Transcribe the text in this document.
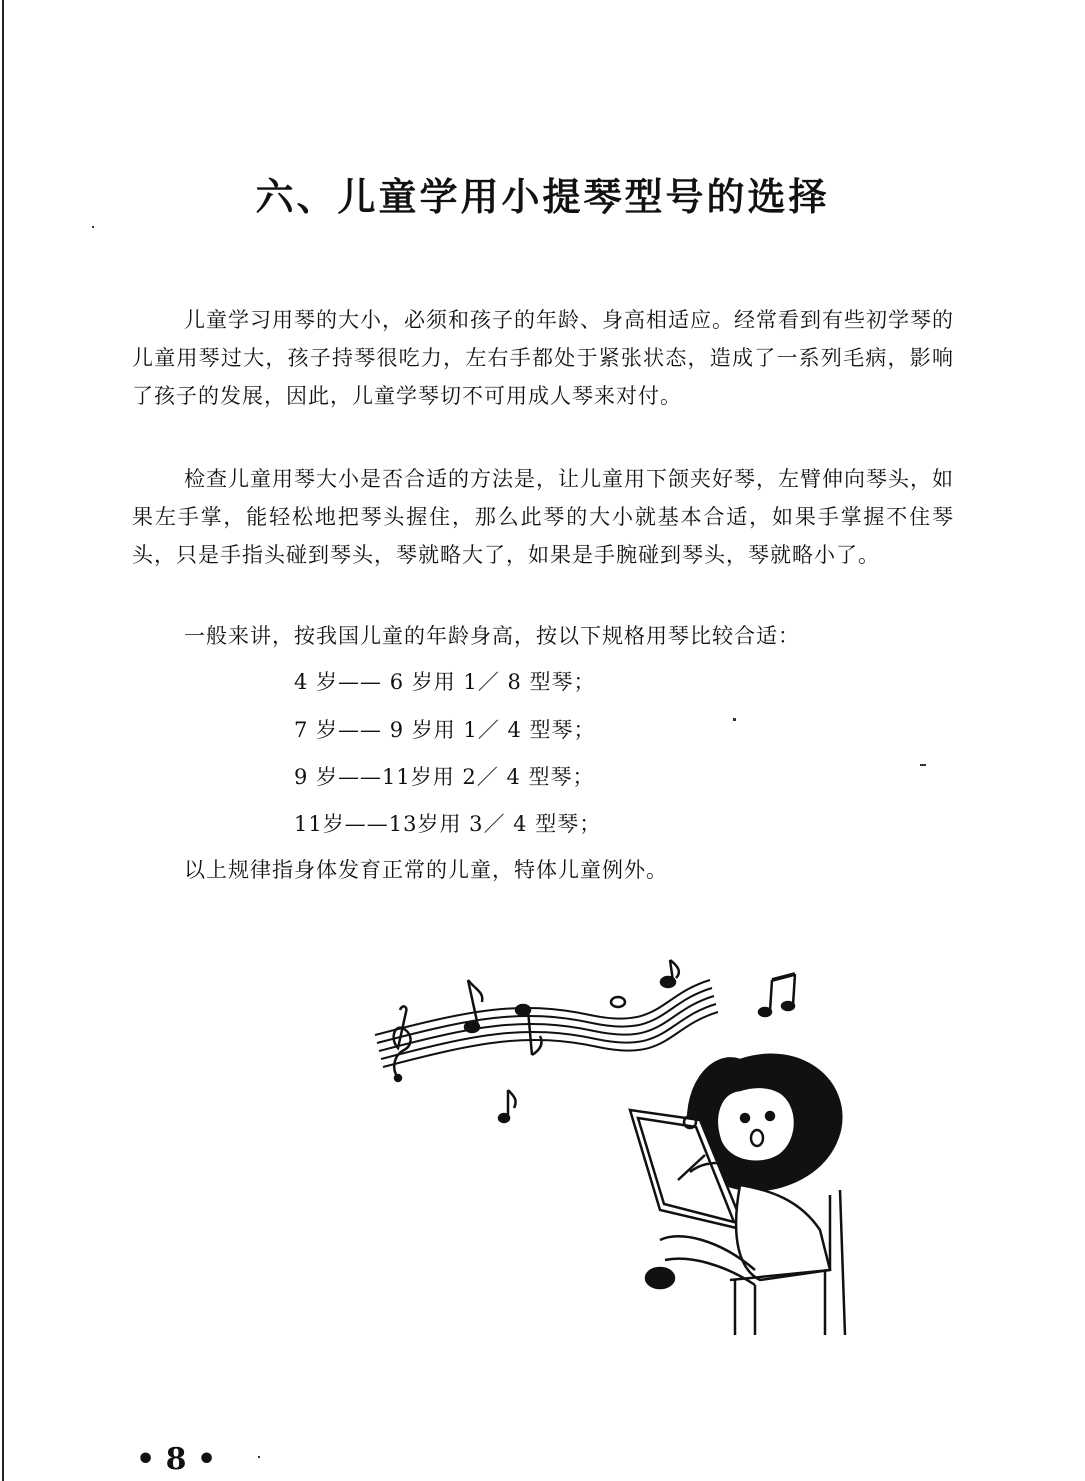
六、儿童学用小提琴型号的选择

儿童学习用琴的大小，必须和孩子的年龄、身高相适应。经常看到有些初学琴的儿童用琴过大，孩子持琴很吃力，左右手都处于紧张状态，造成了一系列毛病，影响了孩子的发展，因此，儿童学琴切不可用成人琴来对付。

检查儿童用琴大小是否合适的方法是，让儿童用下颌夹好琴，左臂伸向琴头，如果左手掌，能轻松地把琴头握住，那么此琴的大小就基本合适，如果手掌握不住琴头，只是手指头碰到琴头，琴就略大了，如果是手腕碰到琴头，琴就略小了。

一般来讲，按我国儿童的年龄身高，按以下规格用琴比较合适：

4 岁—— 6 岁用 1／ 8 型琴；
7 岁—— 9 岁用 1／ 4 型琴；
9 岁——11岁用 2／ 4 型琴；
11岁——13岁用 3／ 4 型琴；
以上规律指身体发育正常的儿童，特体儿童例外。
• 8 •
